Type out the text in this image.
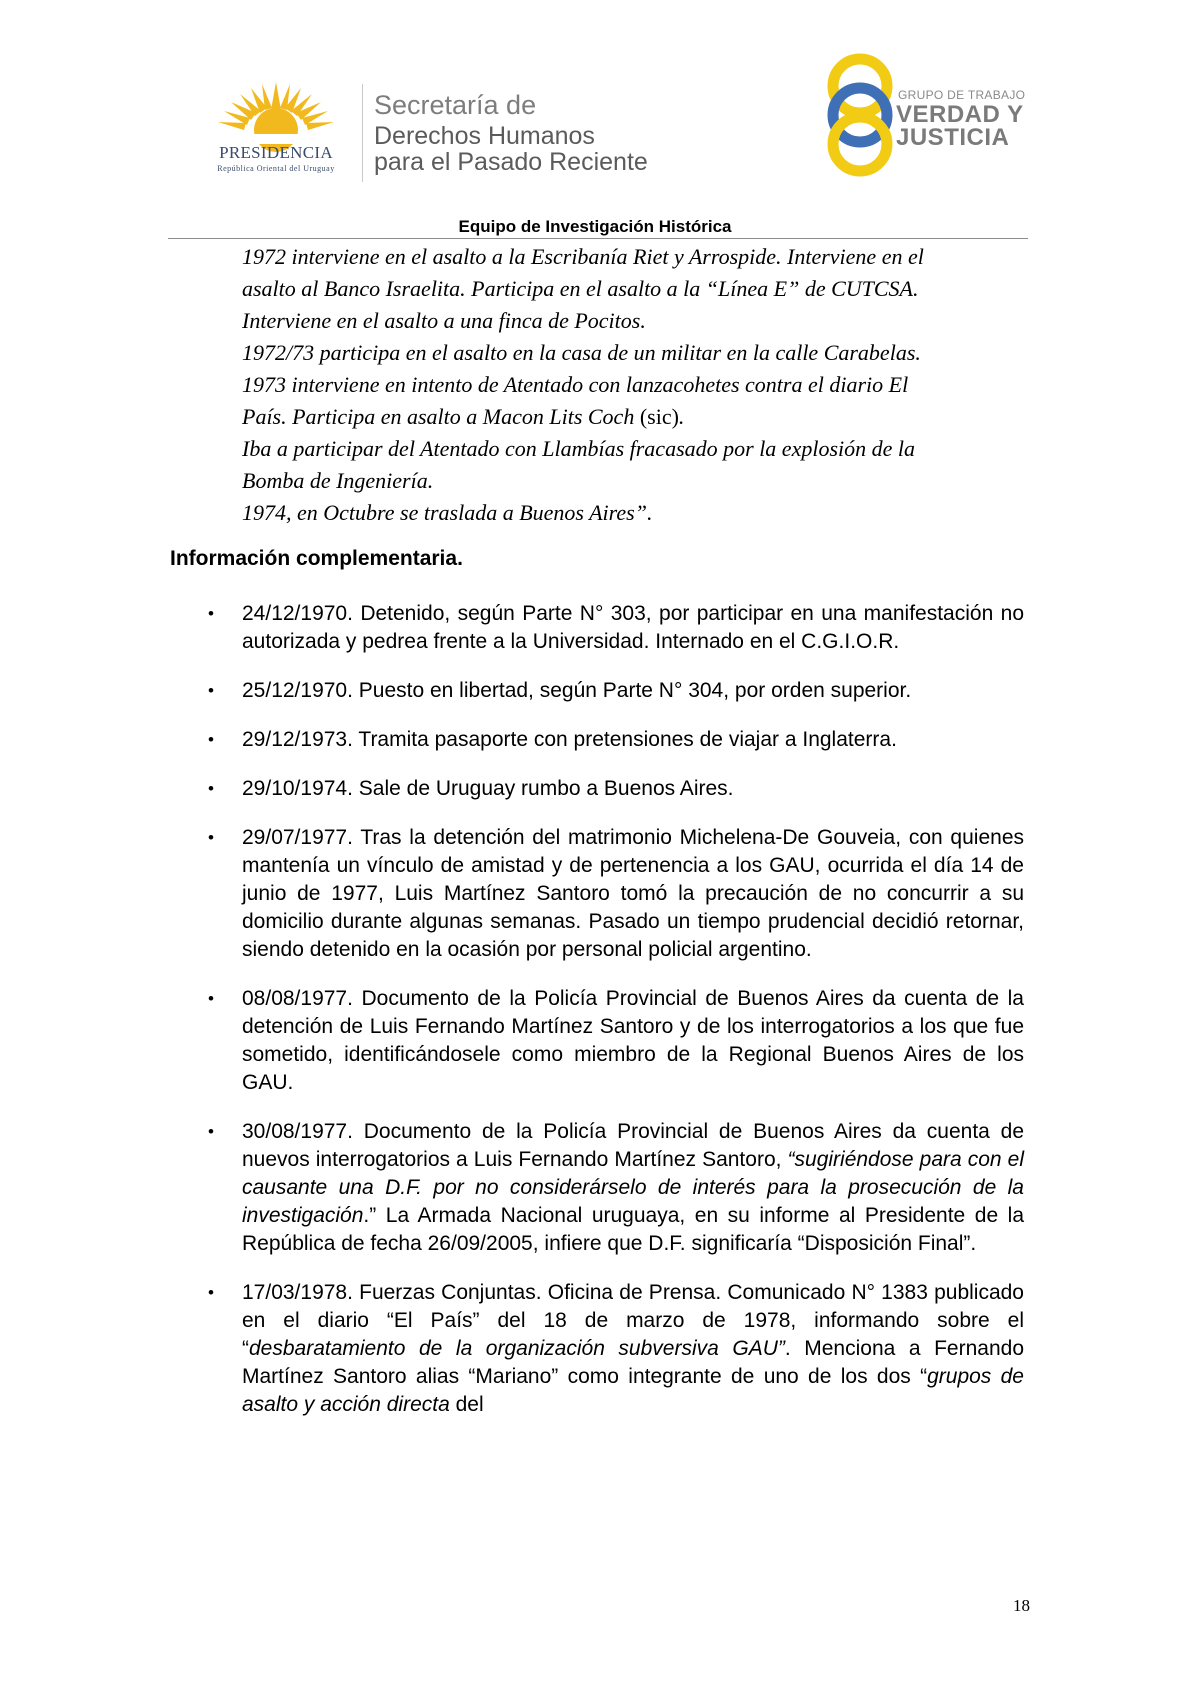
PRESIDENCIA
República Oriental del Uruguay
Secretaría de
Derechos Humanos
para el Pasado Reciente
GRUPO DE TRABAJO
VERDAD Y
JUSTICIA
Equipo de Investigación Histórica
1972 interviene en el asalto a la Escribanía Riet y Arrospide. Interviene en el
asalto al Banco Israelita. Participa en el asalto a la “Línea E” de CUTCSA.
Interviene en el asalto a una finca de Pocitos.
1972/73 participa en el asalto en la casa de un militar en la calle Carabelas.
1973 interviene en intento de Atentado con lanzacohetes contra el diario El
País. Participa en asalto a Macon Lits Coch (sic).
Iba a participar del Atentado con Llambías fracasado por la explosión de la
Bomba de Ingeniería.
1974, en Octubre se traslada a Buenos Aires”.
Información complementaria.
• 24/12/1970. Detenido, según Parte N° 303, por participar en una manifestación no autorizada y pedrea frente a la Universidad. Internado en el C.G.I.O.R.
• 25/12/1970. Puesto en libertad, según Parte N° 304, por orden superior.
• 29/12/1973. Tramita pasaporte con pretensiones de viajar a Inglaterra.
• 29/10/1974. Sale de Uruguay rumbo a Buenos Aires.
• 29/07/1977. Tras la detención del matrimonio Michelena-De Gouveia, con quienes mantenía un vínculo de amistad y de pertenencia a los GAU, ocurrida el día 14 de junio de 1977, Luis Martínez Santoro tomó la precaución de no concurrir a su domicilio durante algunas semanas. Pasado un tiempo prudencial decidió retornar, siendo detenido en la ocasión por personal policial argentino.
• 08/08/1977. Documento de la Policía Provincial de Buenos Aires da cuenta de la detención de Luis Fernando Martínez Santoro y de los interrogatorios a los que fue sometido, identificándosele como miembro de la Regional Buenos Aires de los GAU.
• 30/08/1977. Documento de la Policía Provincial de Buenos Aires da cuenta de nuevos interrogatorios a Luis Fernando Martínez Santoro, “sugiriéndose para con el causante una D.F. por no considerárselo de interés para la prosecución de la investigación.” La Armada Nacional uruguaya, en su informe al Presidente de la República de fecha 26/09/2005, infiere que D.F. significaría “Disposición Final”.
• 17/03/1978. Fuerzas Conjuntas. Oficina de Prensa. Comunicado N° 1383 publicado en el diario “El País” del 18 de marzo de 1978, informando sobre el “desbaratamiento de la organización subversiva GAU”. Menciona a Fernando Martínez Santoro alias “Mariano” como integrante de uno de los dos “grupos de asalto y acción directa del
18
